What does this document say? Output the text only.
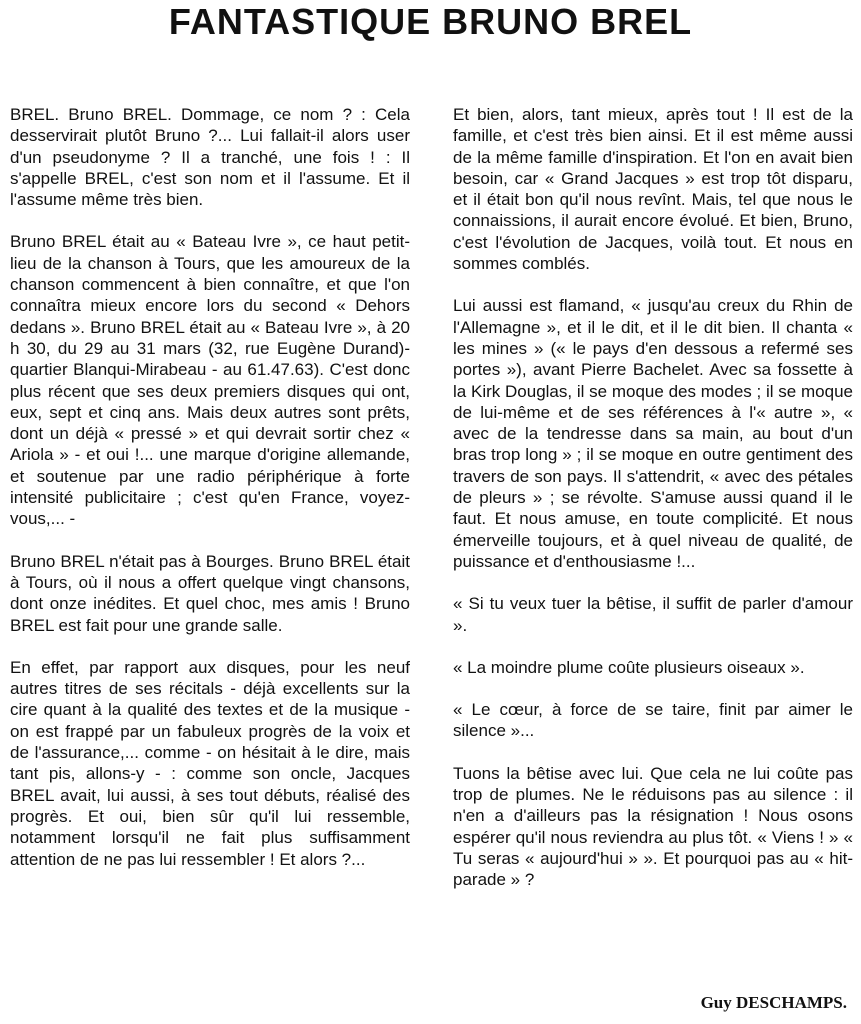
FANTASTIQUE BRUNO BREL

BREL. Bruno BREL. Dommage, ce nom ? : Cela desservirait plutôt Bruno ?... Lui fallait-il alors user d'un pseudonyme ? Il a tranché, une fois ! : Il s'appelle BREL, c'est son nom et il l'assume. Et il l'assume même très bien.

Bruno BREL était au « Bateau Ivre », ce haut petit-lieu de la chanson à Tours, que les amoureux de la chanson commencent à bien connaître, et que l'on connaîtra mieux encore lors du second « Dehors dedans ». Bruno BREL était au « Bateau Ivre », à 20 h 30, du 29 au 31 mars (32, rue Eugène Durand)- quartier Blanqui-Mirabeau - au 61.47.63). C'est donc plus récent que ses deux premiers disques qui ont, eux, sept et cinq ans. Mais deux autres sont prêts, dont un déjà « pressé » et qui devrait sortir chez « Ariola » - et oui !... une marque d'origine allemande, et soutenue par une radio périphérique à forte intensité publicitaire ; c'est qu'en France, voyez-vous,... -

Bruno BREL n'était pas à Bourges. Bruno BREL était à Tours, où il nous a offert quelque vingt chansons, dont onze inédites. Et quel choc, mes amis ! Bruno BREL est fait pour une grande salle.

En effet, par rapport aux disques, pour les neuf autres titres de ses récitals - déjà excellents sur la cire quant à la qualité des textes et de la musique - on est frappé par un fabuleux progrès de la voix et de l'assurance,... comme - on hésitait à le dire, mais tant pis, allons-y - : comme son oncle, Jacques BREL avait, lui aussi, à ses tout débuts, réalisé des progrès. Et oui, bien sûr qu'il lui ressemble, notamment lorsqu'il ne fait plus suffisamment attention de ne pas lui ressembler ! Et alors ?...

Et bien, alors, tant mieux, après tout ! Il est de la famille, et c'est très bien ainsi. Et il est même aussi de la même famille d'inspiration. Et l'on en avait bien besoin, car « Grand Jacques » est trop tôt disparu, et il était bon qu'il nous revînt. Mais, tel que nous le connaissions, il aurait encore évolué. Et bien, Bruno, c'est l'évolution de Jacques, voilà tout. Et nous en sommes comblés.

Lui aussi est flamand, « jusqu'au creux du Rhin de l'Allemagne », et il le dit, et il le dit bien. Il chanta « les mines » (« le pays d'en dessous a refermé ses portes »), avant Pierre Bachelet. Avec sa fossette à la Kirk Douglas, il se moque des modes ; il se moque de lui-même et de ses références à l'« autre », « avec de la tendresse dans sa main, au bout d'un bras trop long » ; il se moque en outre gentiment des travers de son pays. Il s'attendrit, « avec des pétales de pleurs » ; se révolte. S'amuse aussi quand il le faut. Et nous amuse, en toute complicité. Et nous émerveille toujours, et à quel niveau de qualité, de puissance et d'enthousiasme !...

« Si tu veux tuer la bêtise, il suffit de parler d'amour ».

« La moindre plume coûte plusieurs oiseaux ».

« Le cœur, à force de se taire, finit par aimer le silence »...

Tuons la bêtise avec lui. Que cela ne lui coûte pas trop de plumes. Ne le réduisons pas au silence : il n'en a d'ailleurs pas la résignation ! Nous osons espérer qu'il nous reviendra au plus tôt. « Viens ! » « Tu seras « aujourd'hui » ». Et pourquoi pas au « hit-parade » ?

Guy DESCHAMPS.
